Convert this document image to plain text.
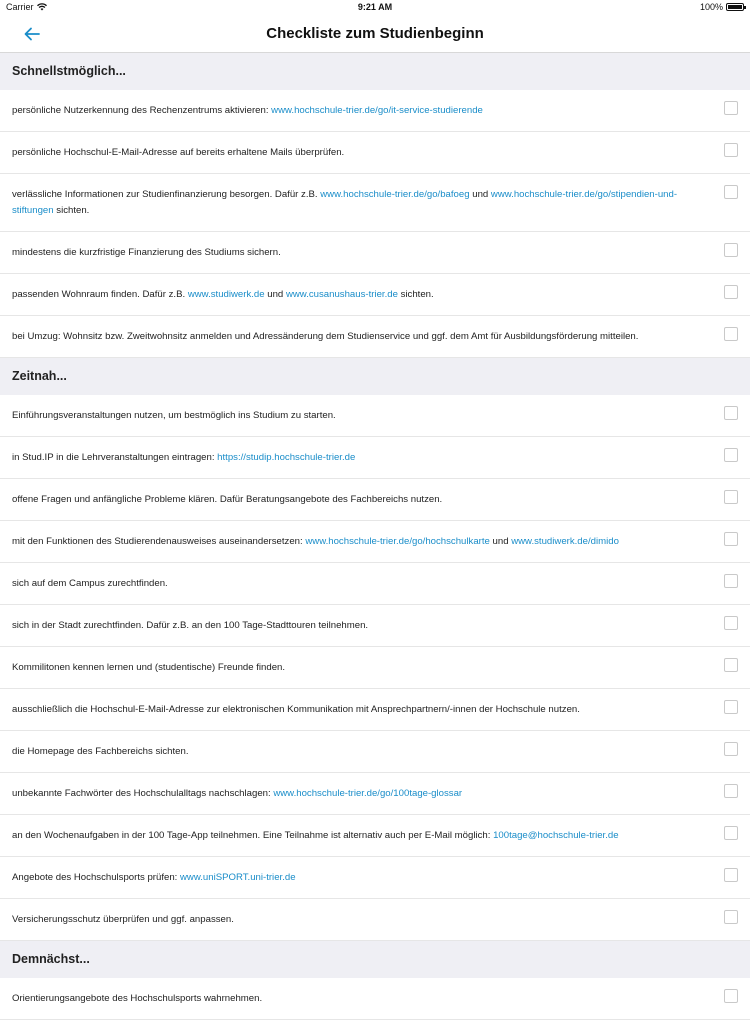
Carrier	9:21 AM	100%
Checkliste zum Studienbeginn
Schnellstmöglich...
persönliche Nutzerkennung des Rechenzentrums aktivieren: www.hochschule-trier.de/go/it-service-studierende
persönliche Hochschul-E-Mail-Adresse auf bereits erhaltene Mails überprüfen.
verlässliche Informationen zur Studienfinanzierung besorgen. Dafür z.B. www.hochschule-trier.de/go/bafoeg und www.hochschule-trier.de/go/stipendien-und-stiftungen sichten.
mindestens die kurzfristige Finanzierung des Studiums sichern.
passenden Wohnraum finden. Dafür z.B. www.studiwerk.de und www.cusanushaus-trier.de sichten.
bei Umzug: Wohnsitz bzw. Zweitwohnsitz anmelden und Adressänderung dem Studienservice und ggf. dem Amt für Ausbildungsförderung mitteilen.
Zeitnah...
Einführungsveranstaltungen nutzen, um bestmöglich ins Studium zu starten.
in Stud.IP in die Lehrveranstaltungen eintragen: https://studip.hochschule-trier.de
offene Fragen und anfängliche Probleme klären. Dafür Beratungsangebote des Fachbereichs nutzen.
mit den Funktionen des Studierendenausweises auseinandersetzen: www.hochschule-trier.de/go/hochschulkarte und www.studiwerk.de/dimido
sich auf dem Campus zurechtfinden.
sich in der Stadt zurechtfinden. Dafür z.B. an den 100 Tage-Stadttouren teilnehmen.
Kommilitonen kennen lernen und (studentische) Freunde finden.
ausschließlich die Hochschul-E-Mail-Adresse zur elektronischen Kommunikation mit Ansprechpartnern/-innen der Hochschule nutzen.
die Homepage des Fachbereichs sichten.
unbekannte Fachwörter des Hochschulalltags nachschlagen: www.hochschule-trier.de/go/100tage-glossar
an den Wochenaufgaben in der 100 Tage-App teilnehmen. Eine Teilnahme ist alternativ auch per E-Mail möglich: 100tage@hochschule-trier.de
Angebote des Hochschulsports prüfen: www.uniSPORT.uni-trier.de
Versicherungsschutz überprüfen und ggf. anpassen.
Demnächst...
Orientierungsangebote des Hochschulsports wahrnehmen.
